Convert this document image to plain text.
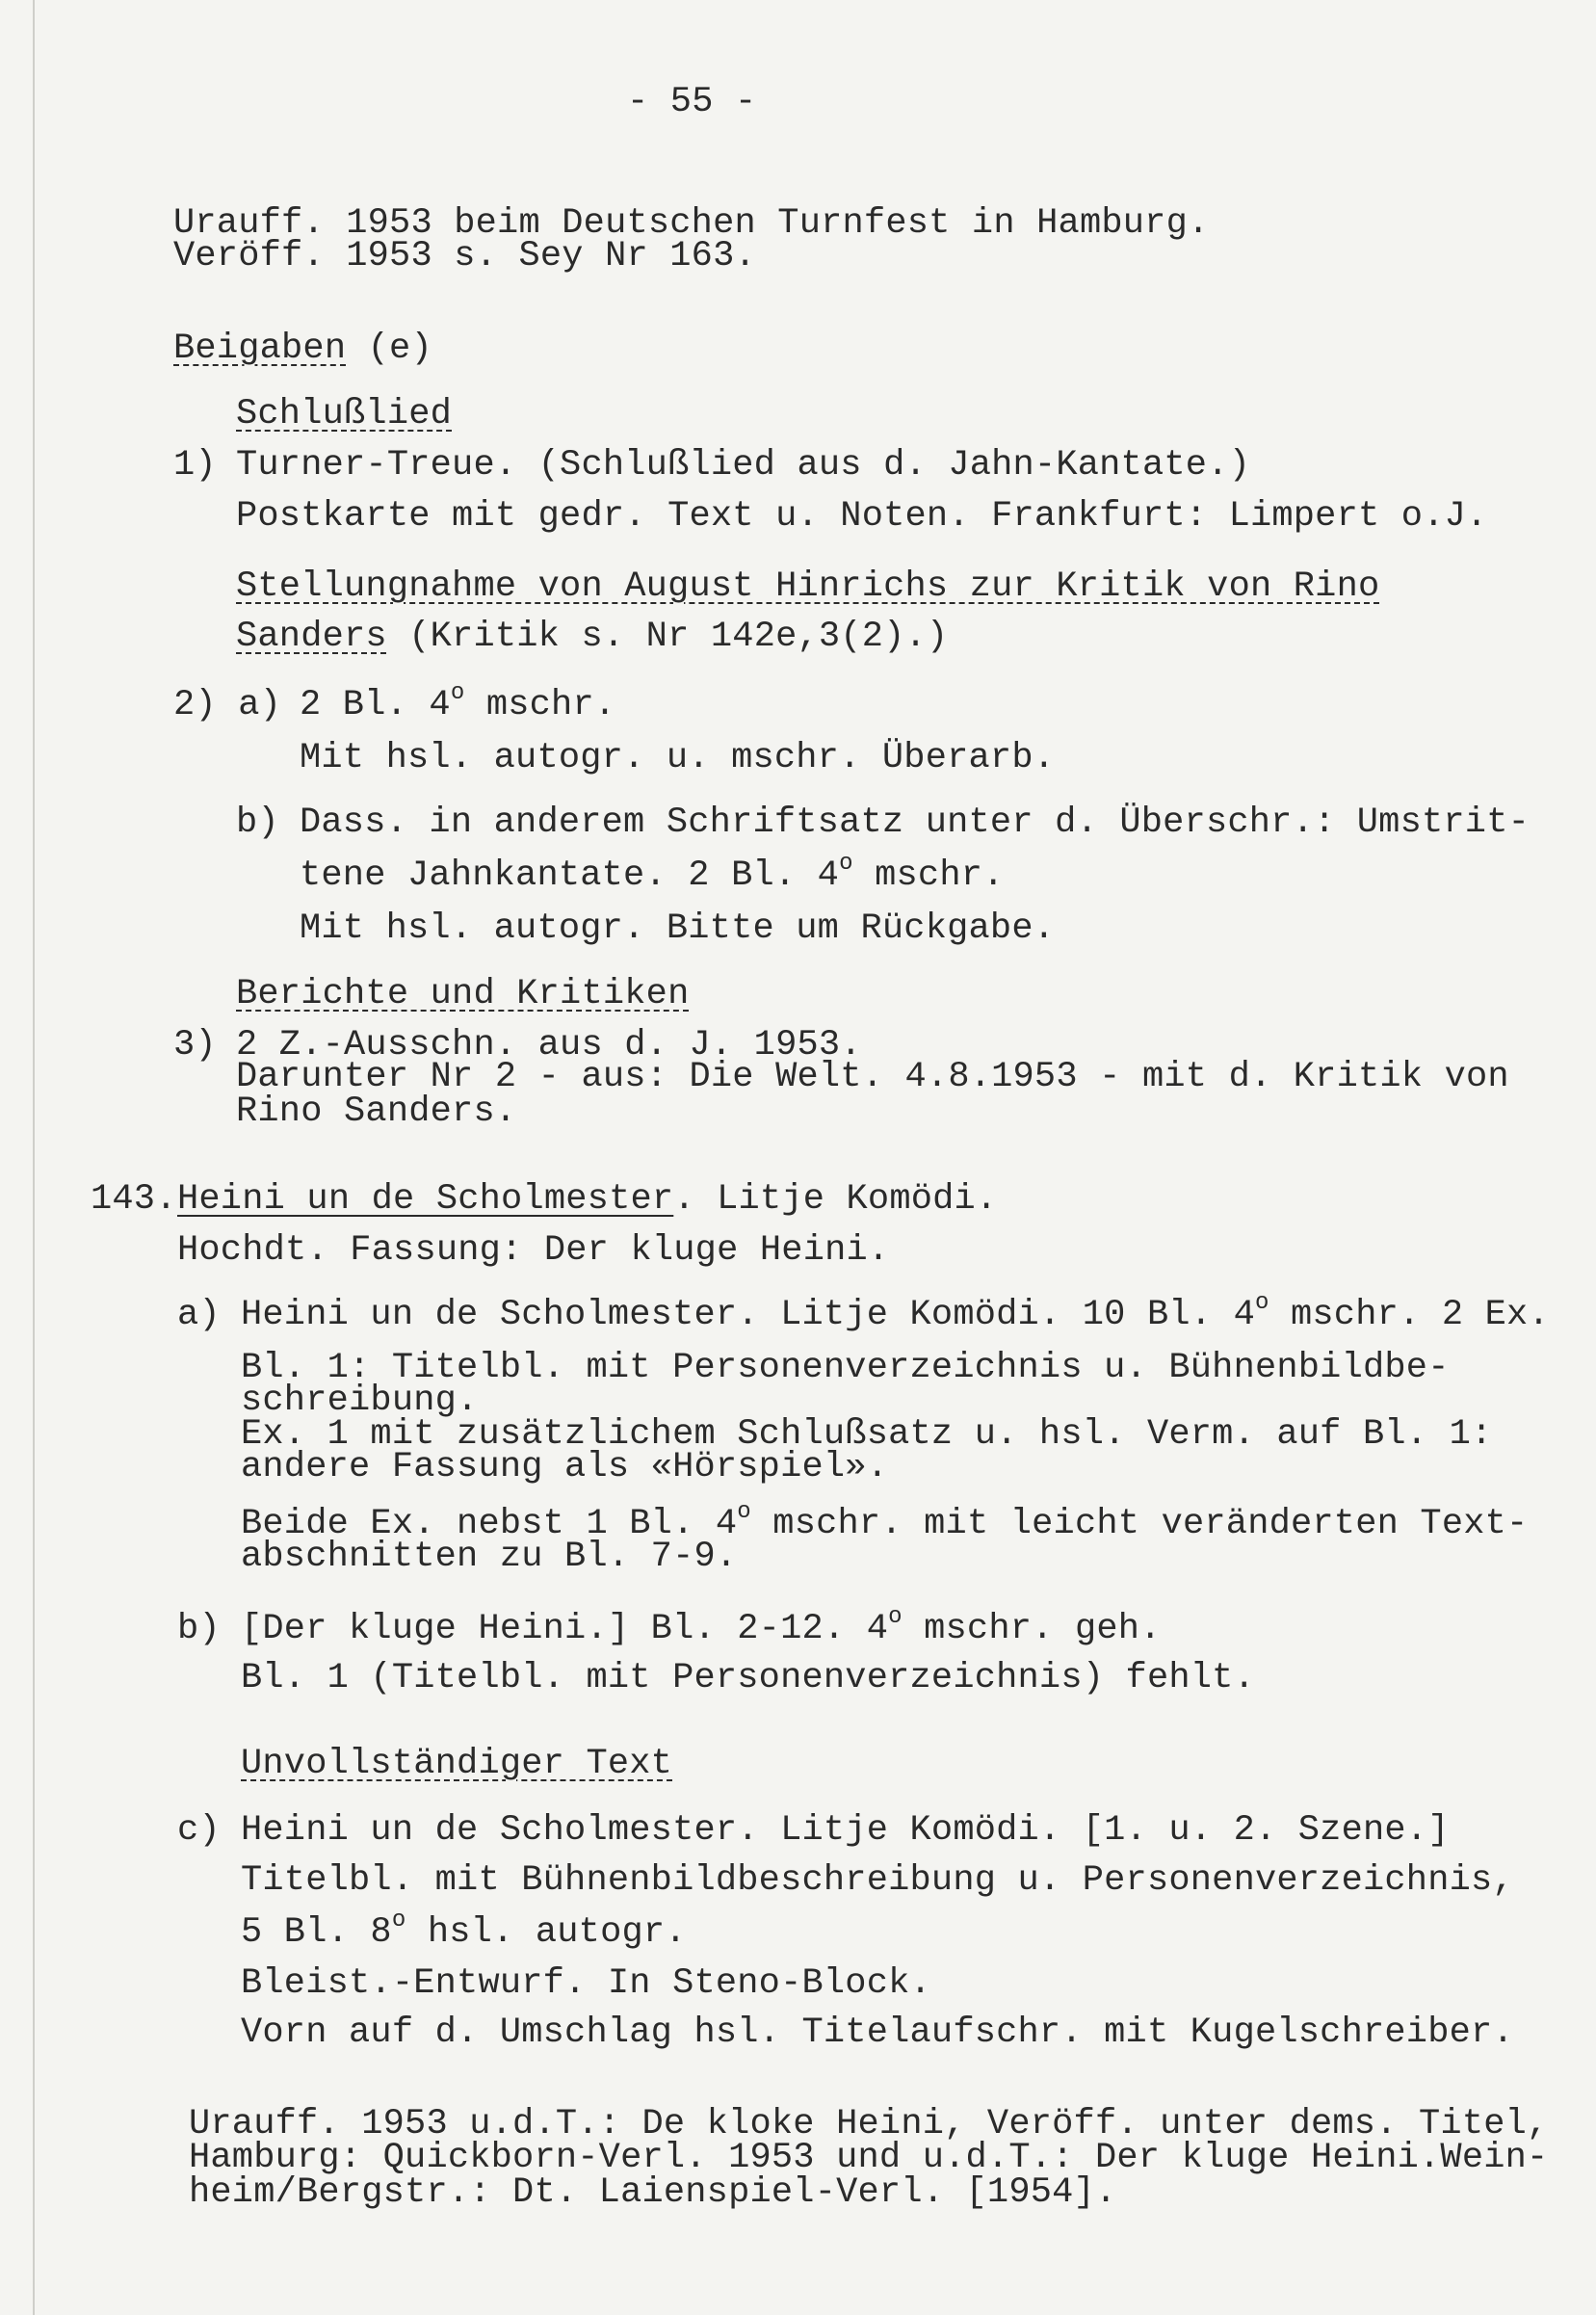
- 55 -
Urauff. 1953 beim Deutschen Turnfest in Hamburg.
Veröff. 1953 s. Sey Nr 163.
Beigaben (e)
Schlußlied
1) Turner-Treue. (Schlußlied aus d. Jahn-Kantate.)
Postkarte mit gedr. Text u. Noten. Frankfurt: Limpert o.J.
Stellungnahme von August Hinrichs zur Kritik von Rino
Sanders (Kritik s. Nr 142e,3(2).)
2) a) 2 Bl. 4$^o$ mschr.
Mit hsl. autogr. u. mschr. Überarb.
b) Dass. in anderem Schriftsatz unter d. Überschr.: Umstrit-
tene Jahnkantate. 2 Bl. 4$^o$ mschr.
Mit hsl. autogr. Bitte um Rückgabe.
Berichte und Kritiken
3) 2 Z.-Ausschn. aus d. J. 1953.
Darunter Nr 2 - aus: Die Welt. 4.8.1953 - mit d. Kritik von
Rino Sanders.
143. Heini un de Scholmester. Litje Komödi.
Hochdt. Fassung: Der kluge Heini.
a) Heini un de Scholmester. Litje Komödi. 10 Bl. 4$^o$ mschr. 2 Ex.
Bl. 1: Titelbl. mit Personenverzeichnis u. Bühnenbildbe-
schreibung.
Ex. 1 mit zusätzlichem Schlußsatz u. hsl. Verm. auf Bl. 1:
andere Fassung als «Hörspiel».
Beide Ex. nebst 1 Bl. 4$^o$ mschr. mit leicht veränderten Text-
abschnitten zu Bl. 7-9.
b) [Der kluge Heini.] Bl. 2-12. 4$^o$ mschr. geh.
Bl. 1 (Titelbl. mit Personenverzeichnis) fehlt.
Unvollständiger Text
c) Heini un de Scholmester. Litje Komödi. [1. u. 2. Szene.]
Titelbl. mit Bühnenbildbeschreibung u. Personenverzeichnis,
5 Bl. 8$^o$ hsl. autogr.
Bleist.-Entwurf. In Steno-Block.
Vorn auf d. Umschlag hsl. Titelaufschr. mit Kugelschreiber.
Urauff. 1953 u.d.T.: De kloke Heini, Veröff. unter dems. Titel,
Hamburg: Quickborn-Verl. 1953 und u.d.T.: Der kluge Heini.Wein-
heim/Bergstr.: Dt. Laienspiel-Verl. [1954].
